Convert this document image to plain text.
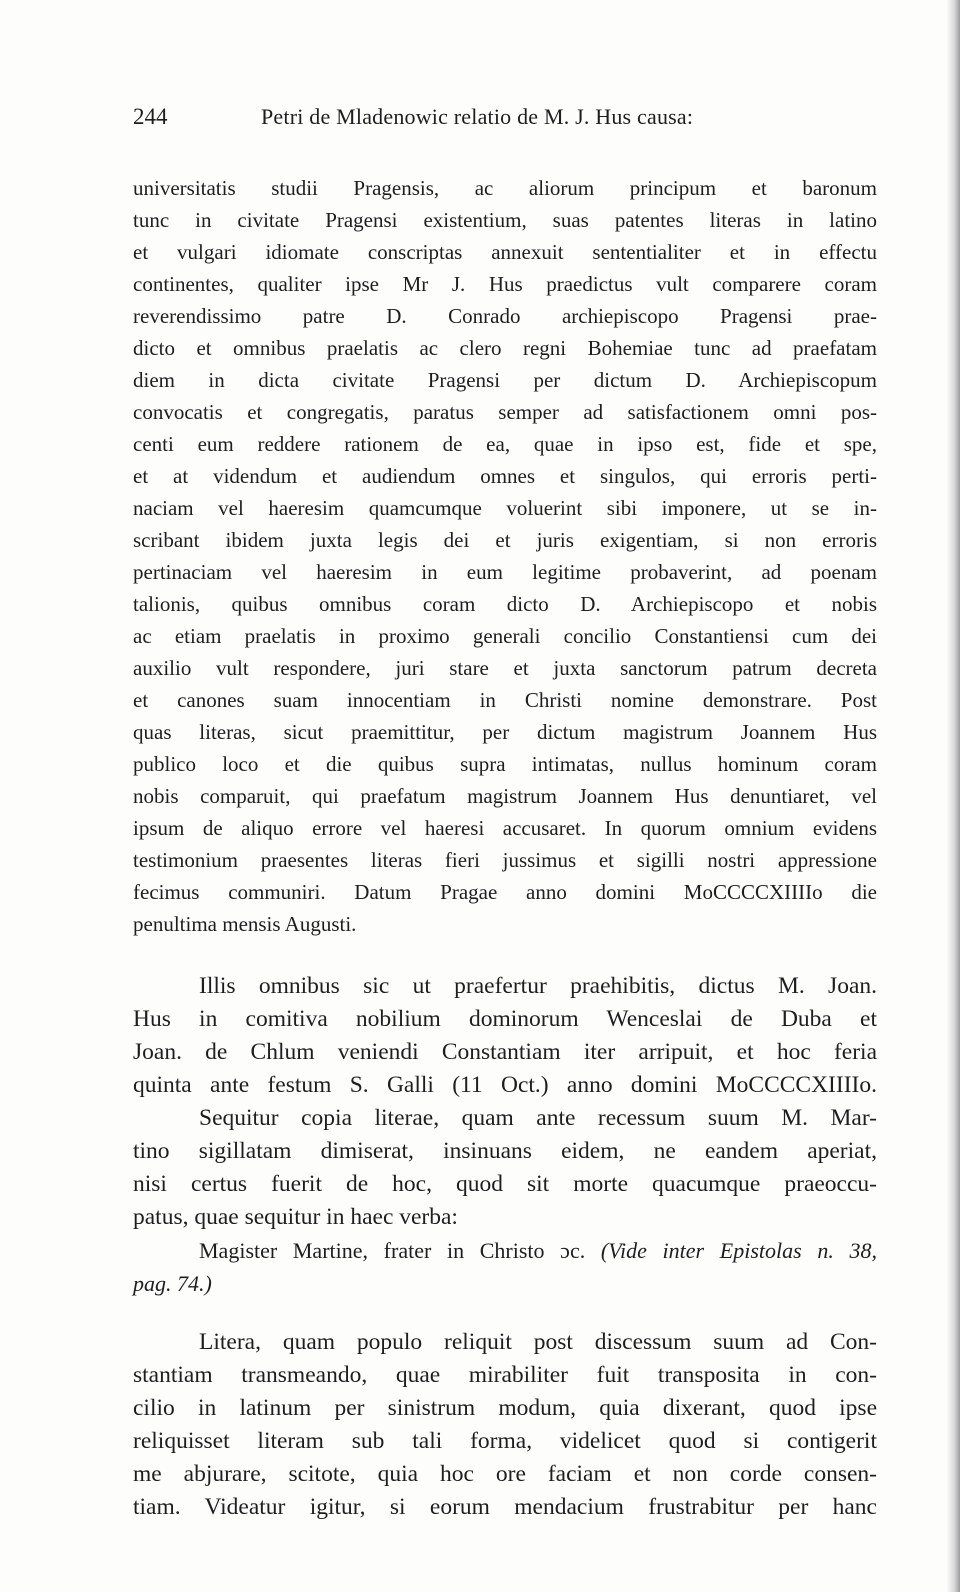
244	Petri de Mladenowic relatio de M. J. Hus causa:
universitatis studii Pragensis, ac aliorum principum et baronum
tunc in civitate Pragensi existentium, suas patentes literas in latino
et vulgari idiomate conscriptas annexuit sententialiter et in effectu
continentes, qualiter ipse Mr J. Hus praedictus vult comparere coram
reverendissimo patre D. Conrado archiepiscopo Pragensi prae-
dicto et omnibus praelatis ac clero regni Bohemiae tunc ad praefatam
diem in dicta civitate Pragensi per dictum D. Archiepiscopum
convocatis et congregatis, paratus semper ad satisfactionem omni pos-
centi eum reddere rationem de ea, quae in ipso est, fide et spe,
et at videndum et audiendum omnes et singulos, qui erroris perti-
naciam vel haeresim quamcumque voluerint sibi imponere, ut se in-
scribant ibidem juxta legis dei et juris exigentiam, si non erroris
pertinaciam vel haeresim in eum legitime probaverint, ad poenam
talionis, quibus omnibus coram dicto D. Archiepiscopo et nobis
ac etiam praelatis in proximo generali concilio Constantiensi cum dei
auxilio vult respondere, juri stare et juxta sanctorum patrum decreta
et canones suam innocentiam in Christi nomine demonstrare. Post
quas literas, sicut praemittitur, per dictum magistrum Joannem Hus
publico loco et die quibus supra intimatas, nullus hominum coram
nobis comparuit, qui praefatum magistrum Joannem Hus denuntiaret, vel
ipsum de aliquo errore vel haeresi accusaret. In quorum omnium evidens
testimonium praesentes literas fieri jussimus et sigilli nostri appressione
fecimus communiri. Datum Pragae anno domini MoCCCCXIIIIo die
penultima mensis Augusti.
Illis omnibus sic ut praefertur praehibitis, dictus M. Joan.
Hus in comitiva nobilium dominorum Wenceslai de Duba et
Joan. de Chlum veniendi Constantiam iter arripuit, et hoc feria
quinta ante festum S. Galli (11 Oct.) anno domini MoCCCCXIIIIo.
Sequitur copia literae, quam ante recessum suum M. Mar-
tino sigillatam dimiserat, insinuans eidem, ne eandem aperiat,
nisi certus fuerit de hoc, quod sit morte quacumque praeoccu-
patus, quae sequitur in haec verba:
Magister Martine, frater in Christo ɔc. (Vide inter Epistolas n. 38,
pag. 74.)
Litera, quam populo reliquit post discessum suum ad Con-
stantiam transmeando, quae mirabiliter fuit transposita in con-
cilio in latinum per sinistrum modum, quia dixerant, quod ipse
reliquisset literam sub tali forma, videlicet quod si contigerit
me abjurare, scitote, quia hoc ore faciam et non corde consen-
tiam. Videatur igitur, si eorum mendacium frustrabitur per hanc
